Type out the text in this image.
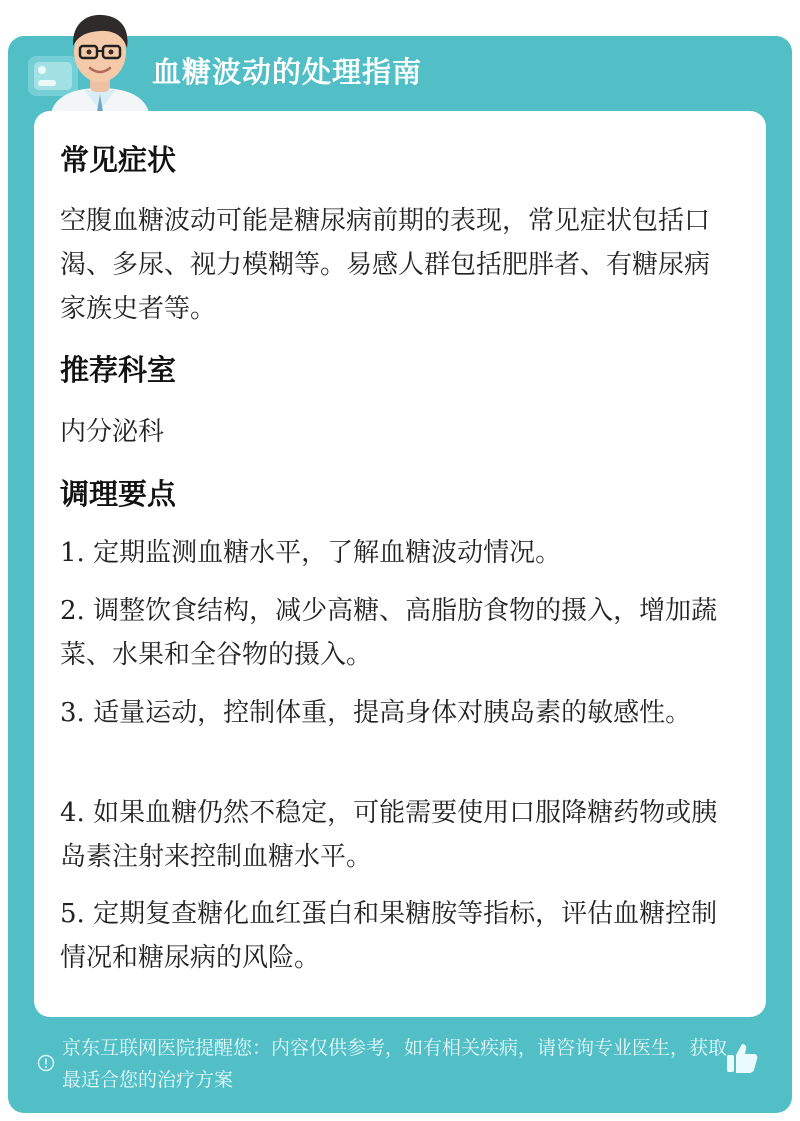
血糖波动的处理指南
常见症状

空腹血糖波动可能是糖尿病前期的表现，常见症状包括口渴、多尿、视力模糊等。易感人群包括肥胖者、有糖尿病家族史者等。

推荐科室

内分泌科

调理要点

1. 定期监测血糖水平，了解血糖波动情况。

2. 调整饮食结构，减少高糖、高脂肪食物的摄入，增加蔬菜、水果和全谷物的摄入。

3. 适量运动，控制体重，提高身体对胰岛素的敏感性。

4. 如果血糖仍然不稳定，可能需要使用口服降糖药物或胰岛素注射来控制血糖水平。

5. 定期复查糖化血红蛋白和果糖胺等指标，评估血糖控制情况和糖尿病的风险。

京东互联网医院提醒您：内容仅供参考，如有相关疾病，请咨询专业医生，获取最适合您的治疗方案
